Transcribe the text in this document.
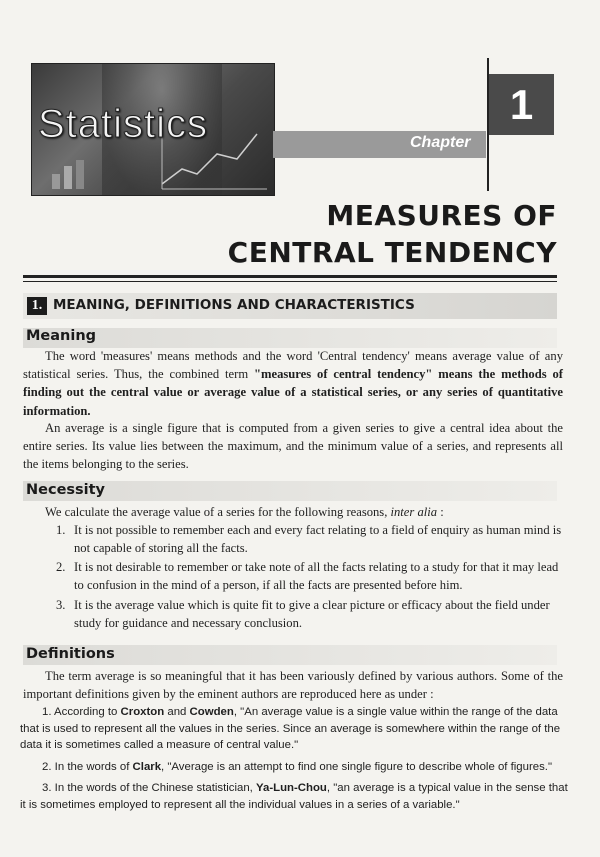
Statistics	Chapter
1
MEASURES OF
CENTRAL TENDENCY
1. MEANING, DEFINITIONS AND CHARACTERISTICS
Meaning
The word 'measures' means methods and the word 'Central tendency' means average value of any statistical series. Thus, the combined term "measures of central tendency" means the methods of finding out the central value or average value of a statistical series, or any series of quantitative information.
An average is a single figure that is computed from a given series to give a central idea about the entire series. Its value lies between the maximum, and the minimum value of a series, and represents all the items belonging to the series.
Necessity
We calculate the average value of a series for the following reasons, inter alia :
1. It is not possible to remember each and every fact relating to a field of enquiry as human mind is not capable of storing all the facts.
2. It is not desirable to remember or take note of all the facts relating to a study for that it may lead to confusion in the mind of a person, if all the facts are presented before him.
3. It is the average value which is quite fit to give a clear picture or efficacy about the field under study for guidance and necessary conclusion.
Definitions
The term average is so meaningful that it has been variously defined by various authors. Some of the important definitions given by the eminent authors are reproduced here as under :
1. According to Croxton and Cowden, "An average value is a single value within the range of the data that is used to represent all the values in the series. Since an average is somewhere within the range of the data it is sometimes called a measure of central value."
2. In the words of Clark, "Average is an attempt to find one single figure to describe whole of figures."
3. In the words of the Chinese statistician, Ya-Lun-Chou, "an average is a typical value in the sense that it is sometimes employed to represent all the individual values in a series of a variable."
